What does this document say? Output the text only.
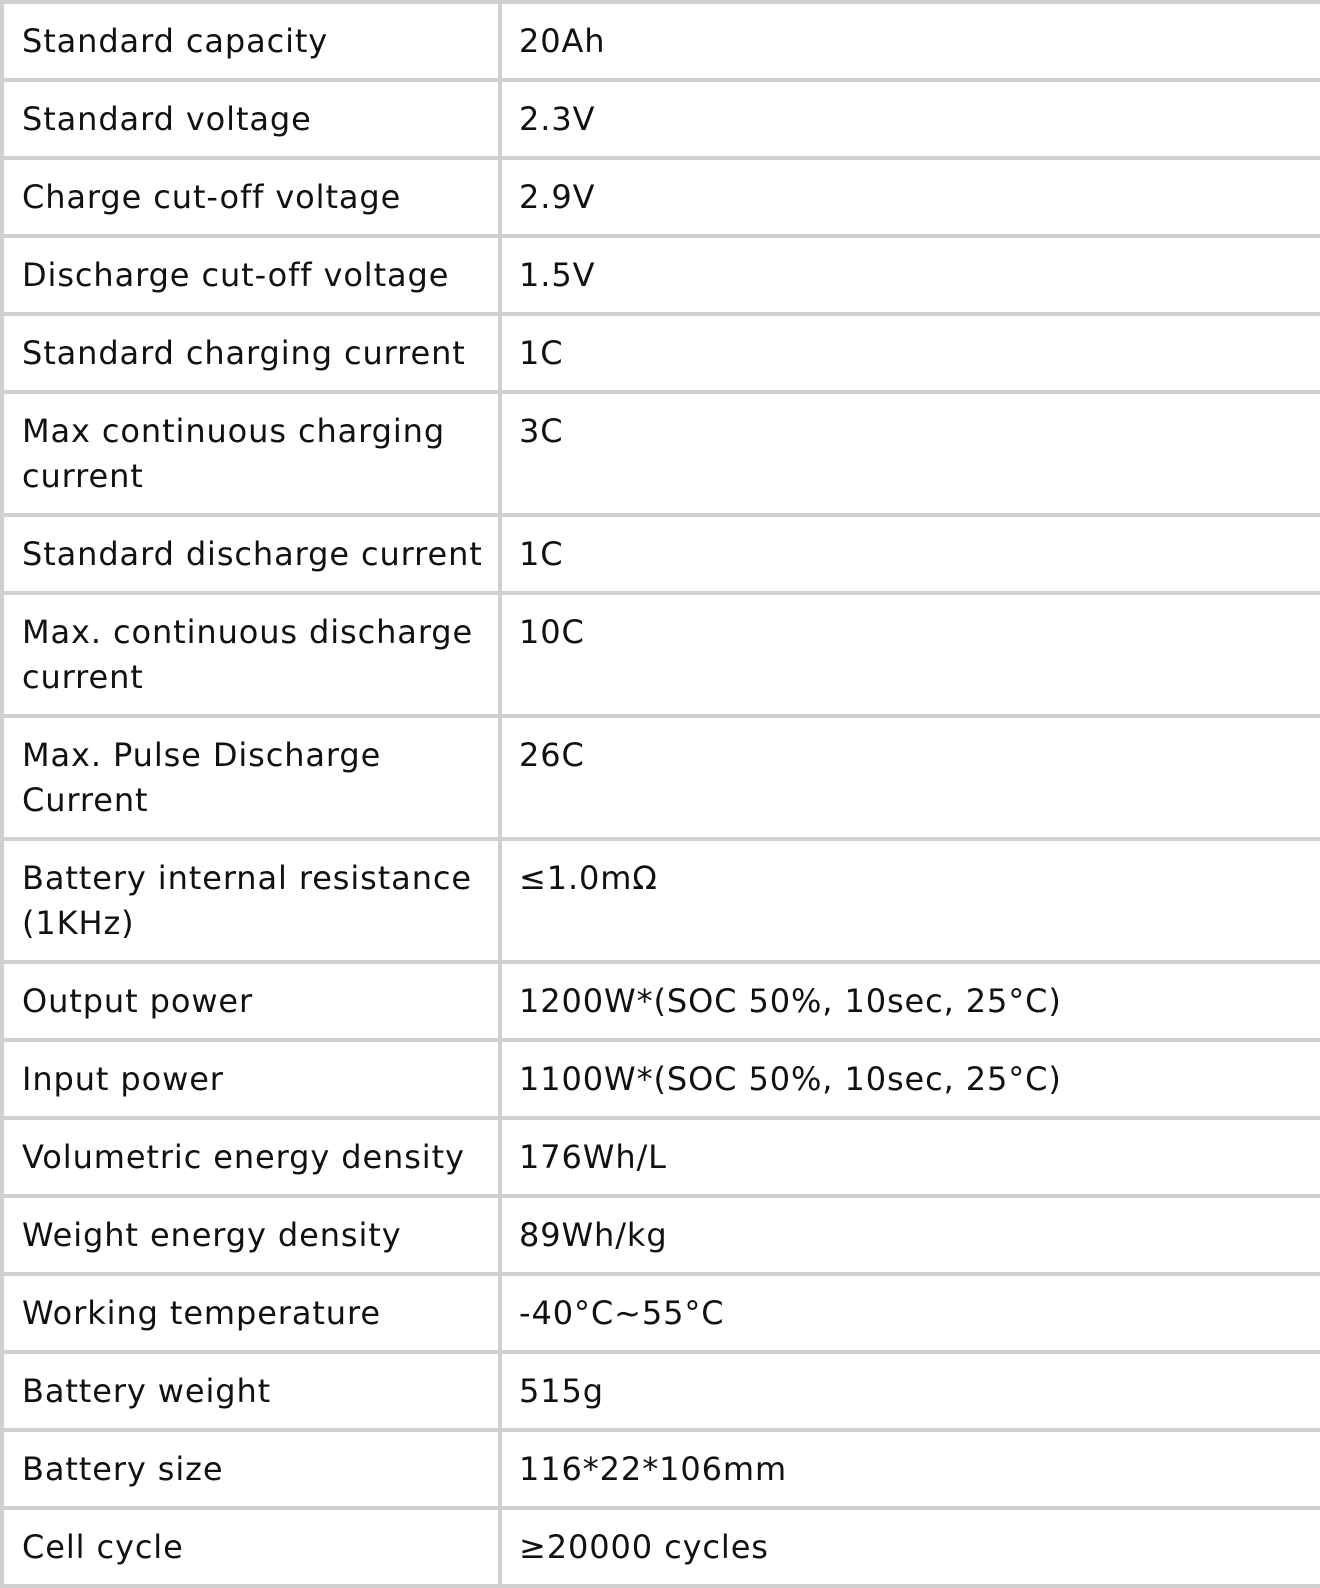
Standard capacity	20Ah
Standard voltage	2.3V
Charge cut-off voltage	2.9V
Discharge cut-off voltage	1.5V
Standard charging current	1C
Max continuous charging current	3C
Standard discharge current	1C
Max. continuous discharge current	10C
Max. Pulse Discharge Current	26C
Battery internal resistance (1KHz)	≤1.0mΩ
Output power	1200W*(SOC 50%, 10sec, 25°C)
Input power	1100W*(SOC 50%, 10sec, 25°C)
Volumetric energy density	176Wh/L
Weight energy density	89Wh/kg
Working temperature	-40°C~55°C
Battery weight	515g
Battery size	116*22*106mm
Cell cycle	≥20000 cycles
